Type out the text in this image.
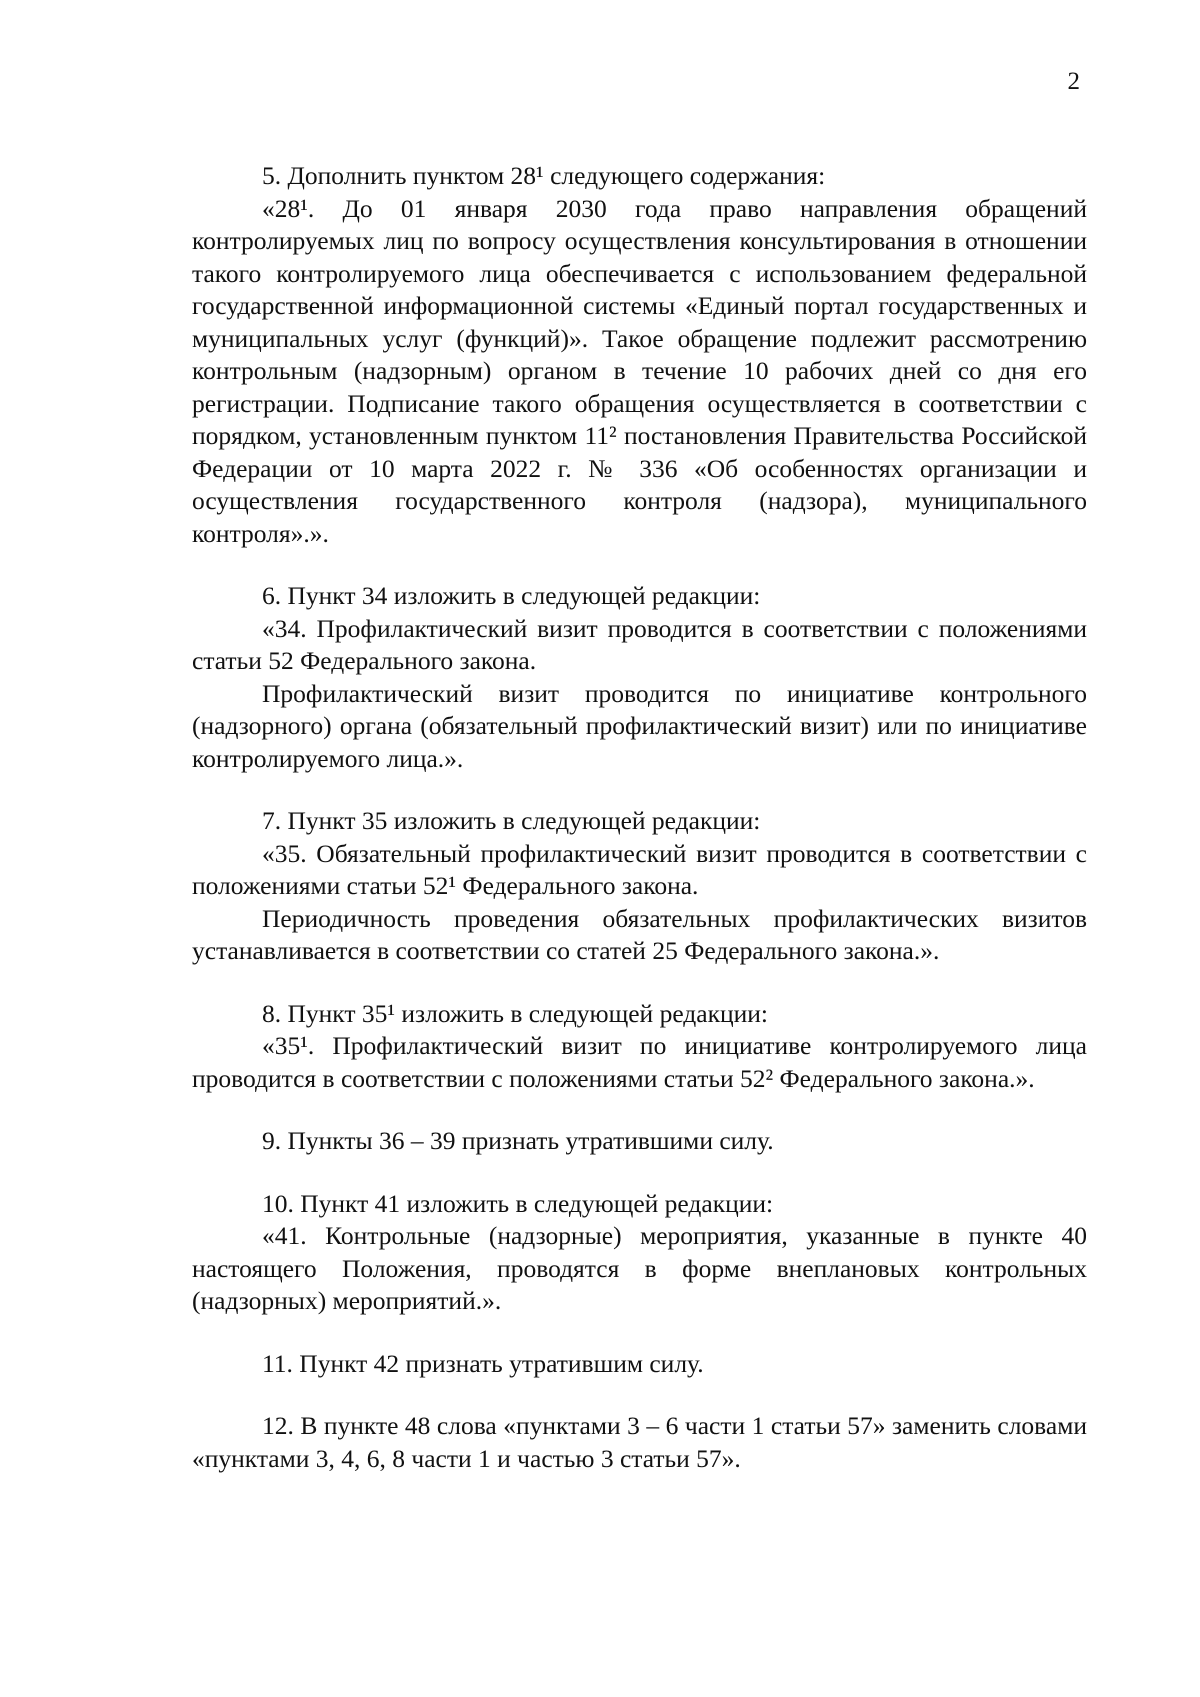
2

5. Дополнить пунктом 28¹ следующего содержания:

«28¹. До 01 января 2030 года право направления обращений контролируемых лиц по вопросу осуществления консультирования в отношении такого контролируемого лица обеспечивается с использованием федеральной государственной информационной системы «Единый портал государственных и муниципальных услуг (функций)». Такое обращение подлежит рассмотрению контрольным (надзорным) органом в течение 10 рабочих дней со дня его регистрации. Подписание такого обращения осуществляется в соответствии с порядком, установленным пунктом 11² постановления Правительства Российской Федерации от 10 марта 2022 г. № 336 «Об особенностях организации и осуществления государственного контроля (надзора), муниципального контроля».».

6. Пункт 34 изложить в следующей редакции:

«34. Профилактический визит проводится в соответствии с положениями статьи 52 Федерального закона.

Профилактический визит проводится по инициативе контрольного (надзорного) органа (обязательный профилактический визит) или по инициативе контролируемого лица.».

7. Пункт 35 изложить в следующей редакции:

«35. Обязательный профилактический визит проводится в соответствии с положениями статьи 52¹ Федерального закона.

Периодичность проведения обязательных профилактических визитов устанавливается в соответствии со статей 25 Федерального закона.».

8. Пункт 35¹ изложить в следующей редакции:

«35¹. Профилактический визит по инициативе контролируемого лица проводится в соответствии с положениями статьи 52² Федерального закона.».

9. Пункты 36 – 39 признать утратившими силу.

10. Пункт 41 изложить в следующей редакции:

«41. Контрольные (надзорные) мероприятия, указанные в пункте 40 настоящего Положения, проводятся в форме внеплановых контрольных (надзорных) мероприятий.».

11. Пункт 42 признать утратившим силу.

12. В пункте 48 слова «пунктами 3 – 6 части 1 статьи 57» заменить словами «пунктами 3, 4, 6, 8 части 1 и частью 3 статьи 57».
